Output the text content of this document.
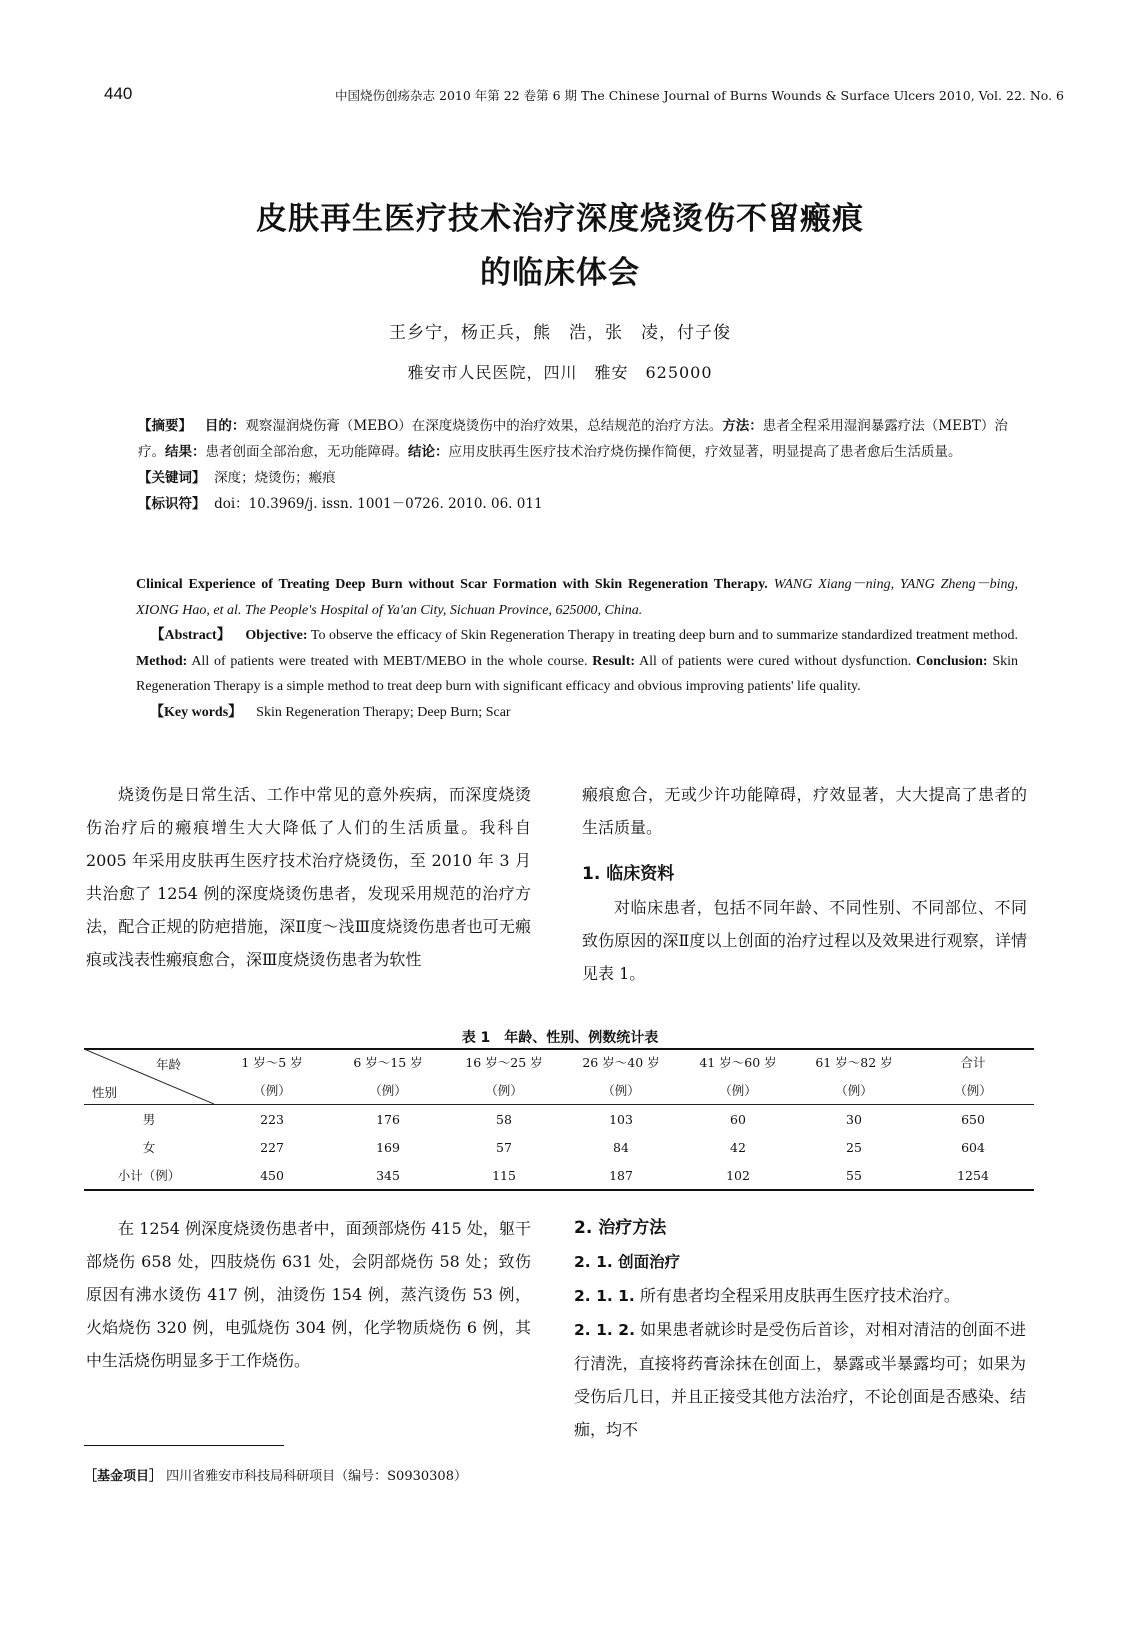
440	中国烧伤创疡杂志 2010 年第 22 卷第 6 期 The Chinese Journal of Burns Wounds & Surface Ulcers 2010, Vol. 22. No. 6
皮肤再生医疗技术治疗深度烧烫伤不留瘢痕
的临床体会
王乡宁，杨正兵，熊　浩，张　凌，付子俊
雅安市人民医院，四川　雅安　625000

【摘要】 目的：观察湿润烧伤膏（MEBO）在深度烧烫伤中的治疗效果，总结规范的治疗方法。方法：患者全程采用湿润暴露疗法（MEBT）治疗。结果：患者创面全部治愈，无功能障碍。结论：应用皮肤再生医疗技术治疗烧伤操作简便，疗效显著，明显提高了患者愈后生活质量。

【关键词】 深度；烧烫伤；瘢痕

【标识符】 doi：10.3969/j. issn. 1001－0726. 2010. 06. 011

Clinical Experience of Treating Deep Burn without Scar Formation with Skin Regeneration Therapy. WANG Xiang－ning, YANG Zheng－bing, XIONG Hao, et al. The People's Hospital of Ya'an City, Sichuan Province, 625000, China.

【Abstract】 Objective: To observe the efficacy of Skin Regeneration Therapy in treating deep burn and to summarize standardized treatment method. Method: All of patients were treated with MEBT/MEBO in the whole course. Result: All of patients were cured without dysfunction. Conclusion: Skin Regeneration Therapy is a simple method to treat deep burn with significant efficacy and obvious improving patients' life quality.

【Key words】 Skin Regeneration Therapy; Deep Burn; Scar

烧烫伤是日常生活、工作中常见的意外疾病，而深度烧烫伤治疗后的瘢痕增生大大降低了人们的生活质量。我科自 2005 年采用皮肤再生医疗技术治疗烧烫伤，至 2010 年 3 月共治愈了 1254 例的深度烧烫伤患者，发现采用规范的治疗方法，配合正规的防疤措施，深Ⅱ度～浅Ⅲ度烧烫伤患者也可无瘢痕或浅表性瘢痕愈合，深Ⅲ度烧烫伤患者为软性

瘢痕愈合，无或少许功能障碍，疗效显著，大大提高了患者的生活质量。

1. 临床资料

对临床患者，包括不同年龄、不同性别、不同部位、不同致伤原因的深Ⅱ度以上创面的治疗过程以及效果进行观察，详情见表 1。

表 1　年龄、性别、例数统计表
年龄
性别
	1 岁～5 岁	6 岁～15 岁	16 岁～25 岁	26 岁～40 岁	41 岁～60 岁	61 岁～82 岁	合计
	（例）	（例）	（例）	（例）	（例）	（例）	（例）
男	223	176	58	103	60	30	650
女	227	169	57	84	42	25	604
小计（例）	450	345	115	187	102	55	1254

在 1254 例深度烧烫伤患者中，面颈部烧伤 415 处，躯干部烧伤 658 处，四肢烧伤 631 处，会阴部烧伤 58 处；致伤原因有沸水烫伤 417 例，油烫伤 154 例，蒸汽烫伤 53 例，火焰烧伤 320 例，电弧烧伤 304 例，化学物质烧伤 6 例，其中生活烧伤明显多于工作烧伤。

2. 治疗方法

2. 1. 创面治疗

2. 1. 1. 所有患者均全程采用皮肤再生医疗技术治疗。

2. 1. 2. 如果患者就诊时是受伤后首诊，对相对清洁的创面不进行清洗，直接将药膏涂抹在创面上，暴露或半暴露均可；如果为受伤后几日，并且正接受其他方法治疗，不论创面是否感染、结痂，均不

［基金项目］ 四川省雅安市科技局科研项目（编号：S0930308）
